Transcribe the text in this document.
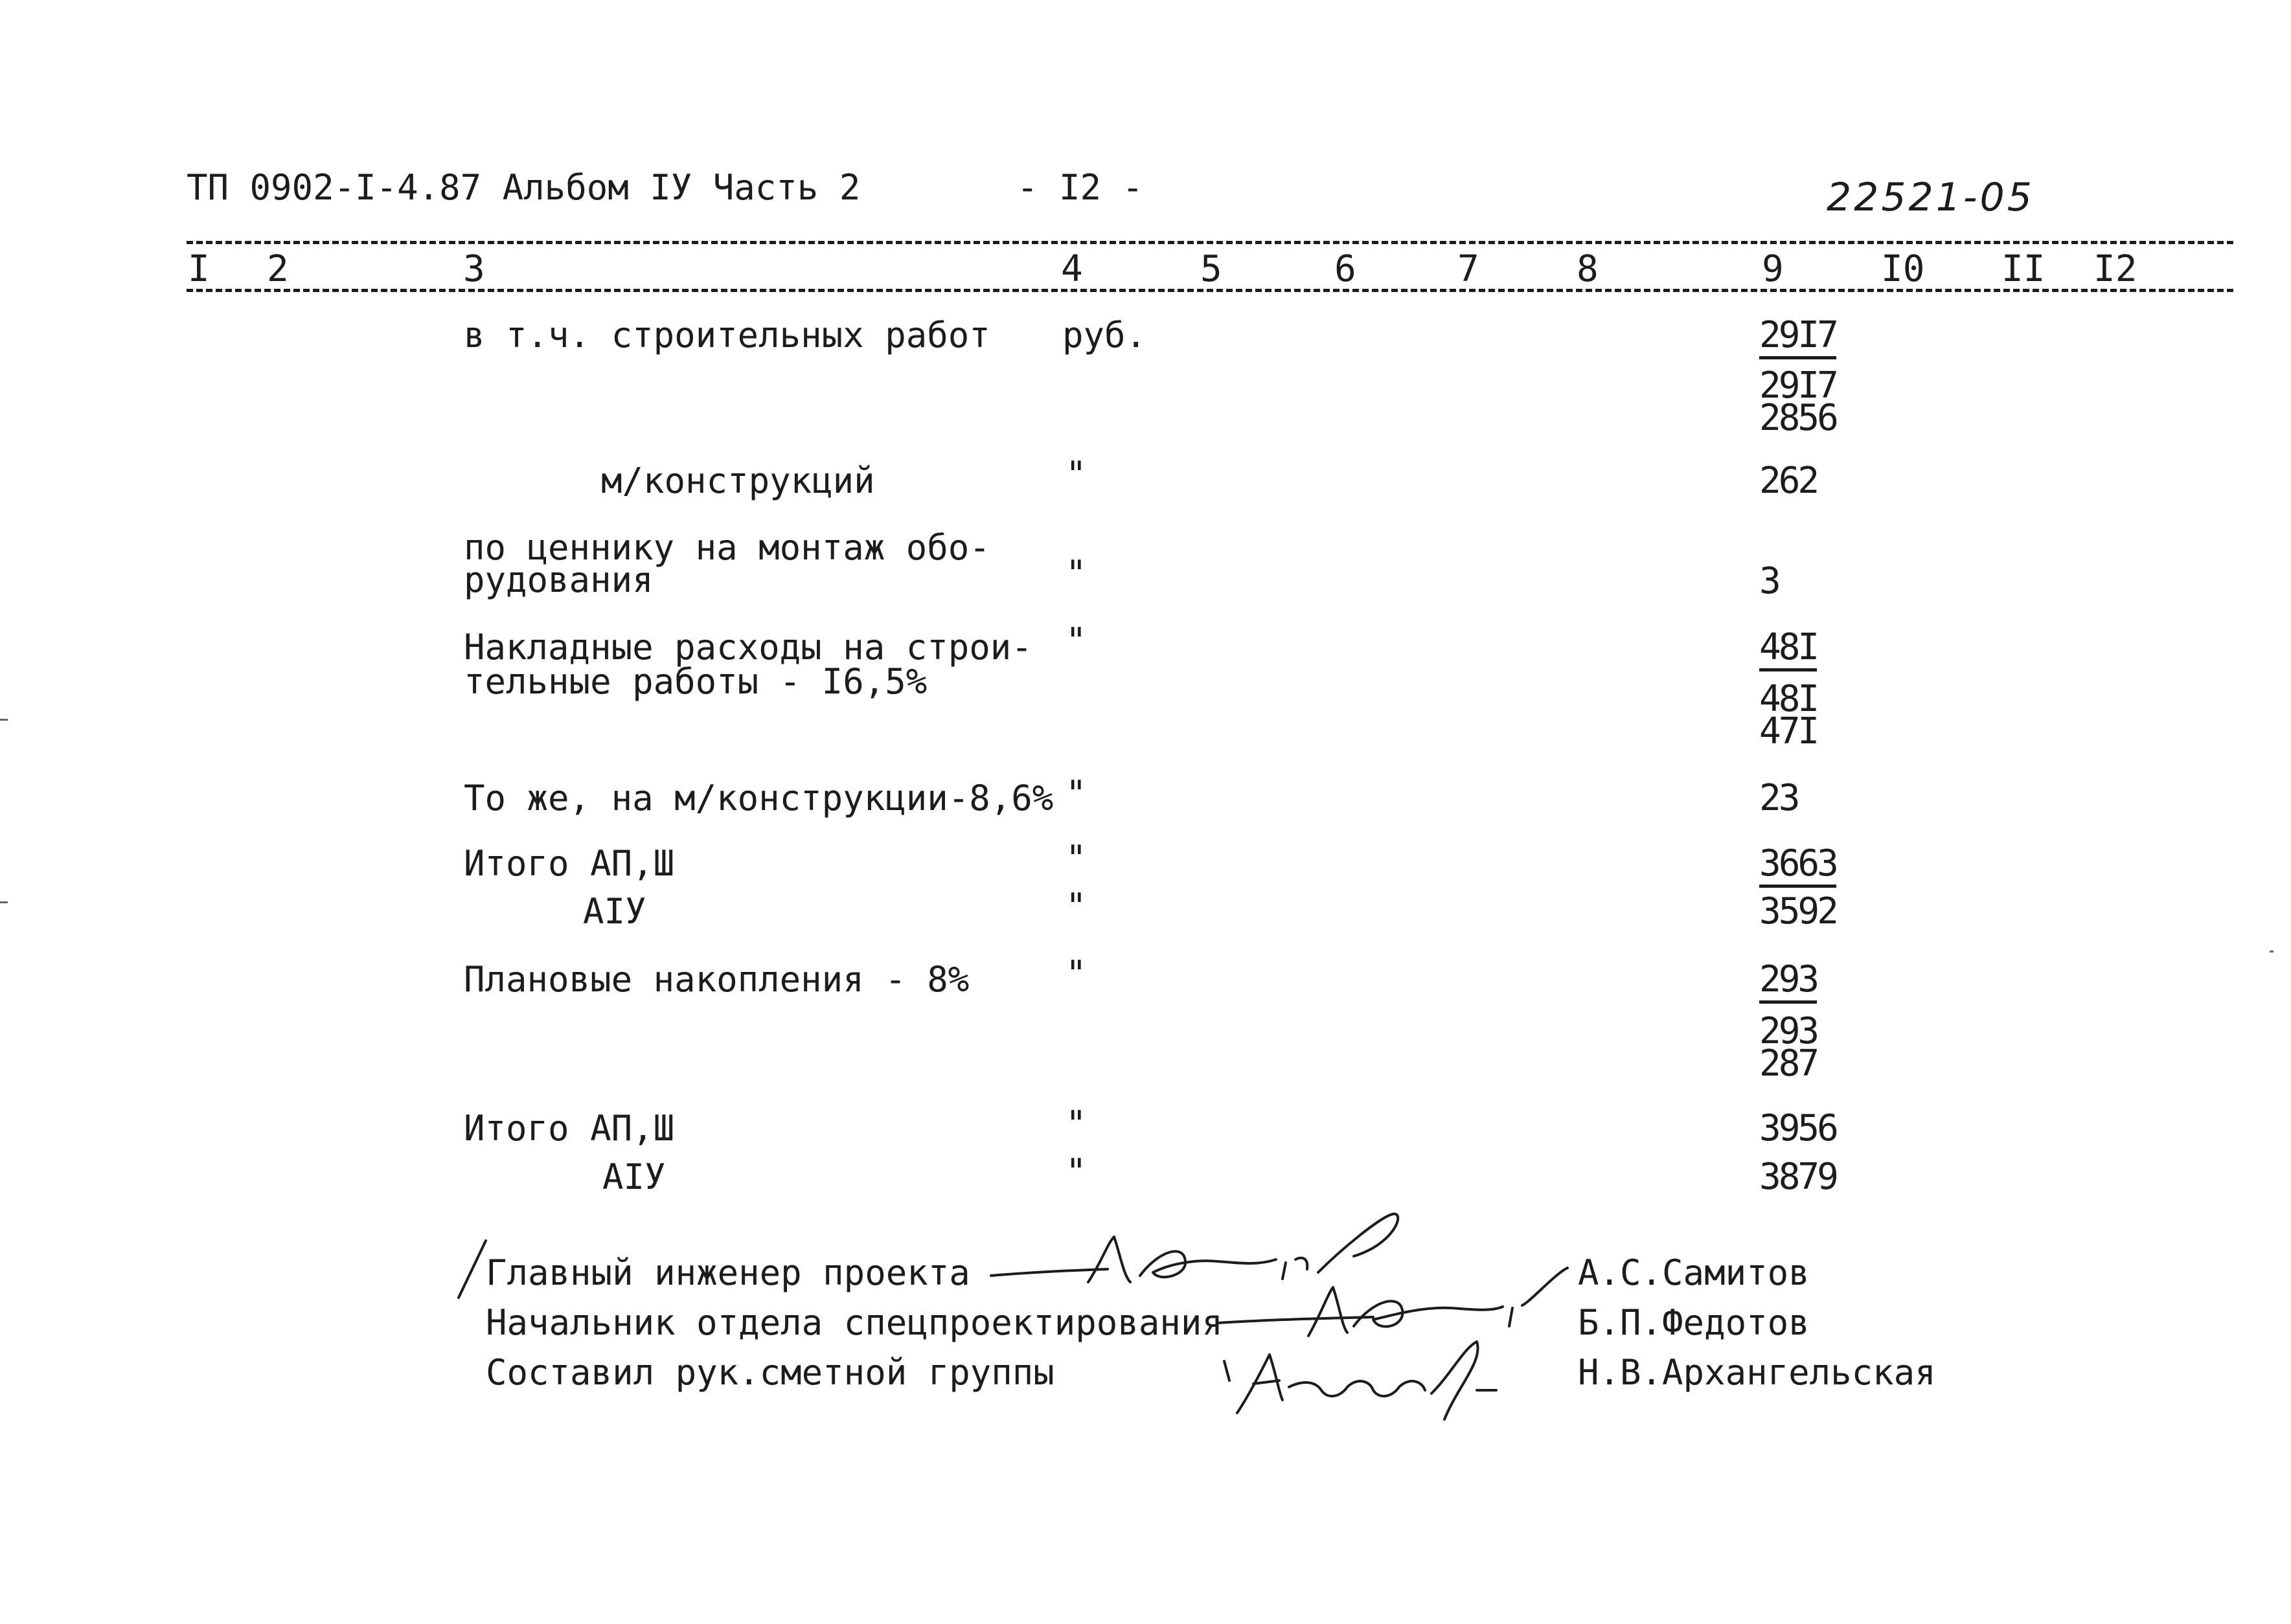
ТП 0902-I-4.87 Альбом IУ Часть 2	- I2 -	22521-05
I 2	3	4	5	6	7	8	9	I0 II I2
в т.ч. строительных работ руб.	29I7
29I7
2856
м/конструкций	"	262
по ценнику на монтаж обо-
рудования	"	3
Накладные расходы на строи-
тельные работы - I6,5%
"	48I
48I
47I
То же, на м/конструкции-8,6% "	23
Итого АП,Ш	"	3663
АIУ	"	3592
Плановые накопления - 8%	"	293
293
287
Итого АП,Ш	"	3956
АIУ	"	3879
Главный инженер проекта	А.С.Самитов
Начальник отдела спецпроектирования	Б.П.Федотов
Составил рук.сметной группы	Н.В.Архангельская
